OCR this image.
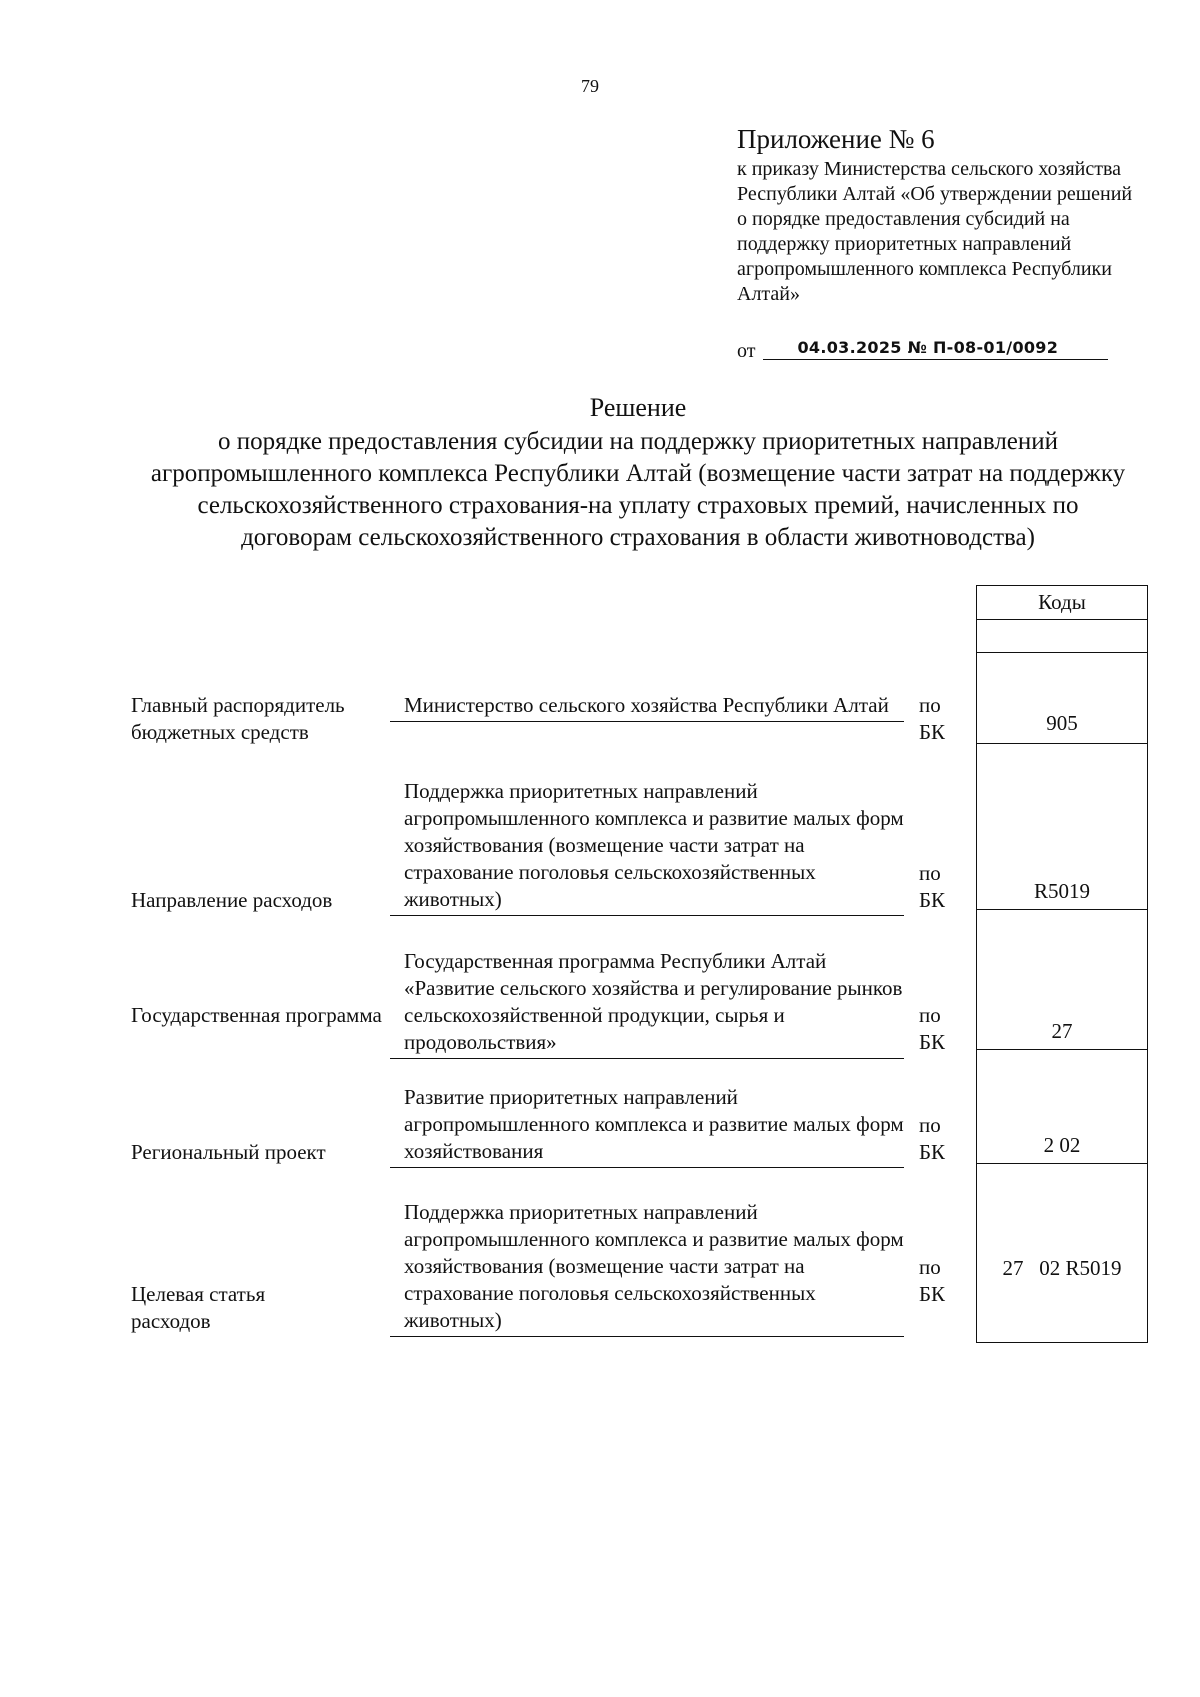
79
Приложение № 6
к приказу Министерства сельского хозяйства Республики Алтай «Об утверждении решений о порядке предоставления субсидий на поддержку приоритетных направлений агропромышленного комплекса Республики Алтай»
от	04.03.2025 № П-08-01/0092
Решение
о порядке предоставления субсидии на поддержку приоритетных направлений агропромышленного комплекса Республики Алтай (возмещение части затрат на поддержку сельскохозяйственного страхования-на уплату страховых премий, начисленных по договорам сельскохозяйственного страхования в области животноводства)
Главный распорядитель бюджетных средств
Министерство сельского хозяйства Республики Алтай	по
БК
Направление расходов
Поддержка приоритетных направлений агропромышленного комплекса и развитие малых форм хозяйствования (возмещение части затрат на страхование поголовья сельскохозяйственных животных)
по
БК
Государственная программа
Государственная программа Республики Алтай «Развитие сельского хозяйства и регулирование рынков сельскохозяйственной продукции, сырья и продовольствия»
по
БК
Региональный проект
Развитие приоритетных направлений агропромышленного комплекса и развитие малых форм хозяйствования
по
БК
Целевая статья расходов
Поддержка приоритетных направлений агропромышленного комплекса и развитие малых форм хозяйствования (возмещение части затрат на страхование поголовья сельскохозяйственных животных)
по
БК
Коды
905
R5019
27
2 02
27   02 R5019
